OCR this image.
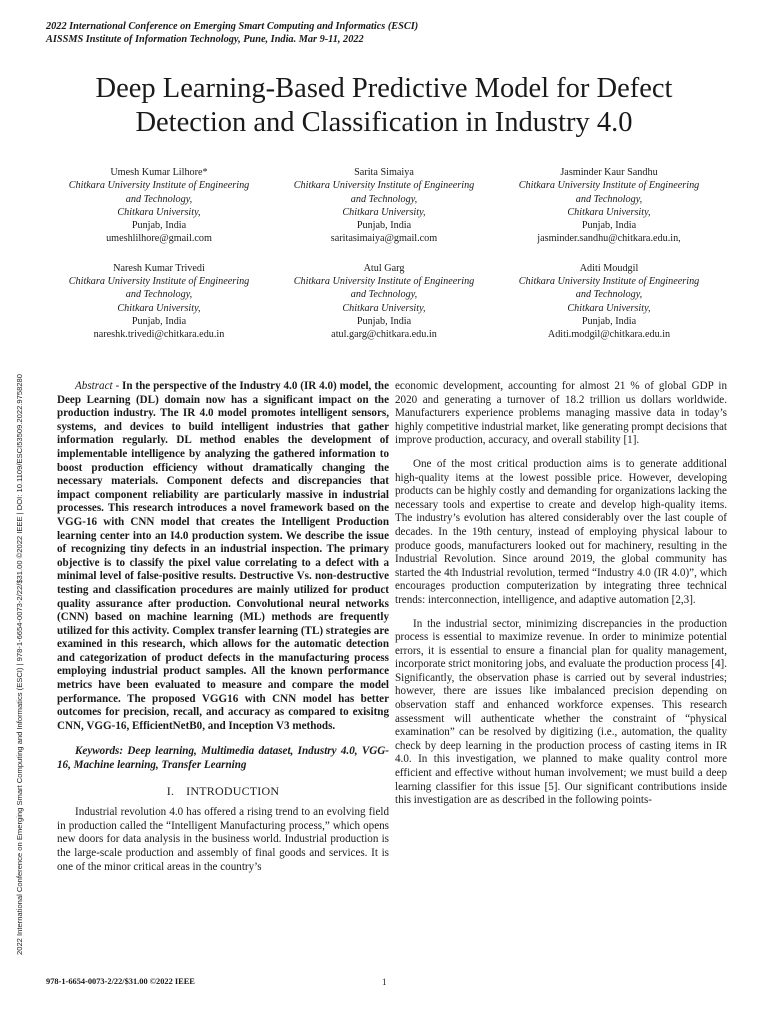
2022 International Conference on Emerging Smart Computing and Informatics (ESCI)
AISSMS Institute of Information Technology, Pune, India. Mar 9-11, 2022
2022 International Conference on Emerging Smart Computing and Informatics (ESCI) | 978-1-6654-0073-2/22/$31.00 ©2022 IEEE | DOI: 10.1109/ESCI53509.2022.9758280
Deep Learning-Based Predictive Model for Defect
Detection and Classification in Industry 4.0
Umesh Kumar Lilhore*
Chitkara University Institute of Engineering
and Technology,
Chitkara University,
Punjab, India
umeshlilhore@gmail.com
Sarita Simaiya
Chitkara University Institute of Engineering
and Technology,
Chitkara University,
Punjab, India
saritasimaiya@gmail.com
Jasminder Kaur Sandhu
Chitkara University Institute of Engineering
and Technology,
Chitkara University,
Punjab, India
jasminder.sandhu@chitkara.edu.in,
Naresh Kumar Trivedi
Chitkara University Institute of Engineering
and Technology,
Chitkara University,
Punjab, India
nareshk.trivedi@chitkara.edu.in
Atul Garg
Chitkara University Institute of Engineering
and Technology,
Chitkara University,
Punjab, India
atul.garg@chitkara.edu.in
Aditi Moudgil
Chitkara University Institute of Engineering
and Technology,
Chitkara University,
Punjab, India
Aditi.modgil@chitkara.edu.in

Abstract - In the perspective of the Industry 4.0 (IR 4.0) model, the Deep Learning (DL) domain now has a significant impact on the production industry. The IR 4.0 model promotes intelligent sensors, systems, and devices to build intelligent industries that gather information regularly. DL method enables the development of implementable intelligence by analyzing the gathered information to boost production efficiency without dramatically changing the necessary materials. Component defects and discrepancies that impact component reliability are particularly massive in industrial processes. This research introduces a novel framework based on the VGG-16 with CNN model that creates the Intelligent Production learning center into an I4.0 production system. We describe the issue of recognizing tiny defects in an industrial inspection. The primary objective is to classify the pixel value correlating to a defect with a minimal level of false-positive results. Destructive Vs. non-destructive testing and classification procedures are mainly utilized for product quality assurance after production. Convolutional neural networks (CNN) based on machine learning (ML) methods are frequently utilized for this activity. Complex transfer learning (TL) strategies are examined in this research, which allows for the automatic detection and categorization of product defects in the manufacturing process employing industrial product samples. All the known performance metrics have been evaluated to measure and compare the model performance. The proposed VGG16 with CNN model has better outcomes for precision, recall, and accuracy as compared to exisitng CNN, VGG-16, EfficientNetB0, and Inception V3 methods.

Keywords: Deep learning, Multimedia dataset, Industry 4.0, VGG-16, Machine learning, Transfer Learning

I. INTRODUCTION

Industrial revolution 4.0 has offered a rising trend to an evolving field in production called the “Intelligent Manufacturing process,” which opens new doors for data analysis in the business world. Industrial production is the large-scale production and assembly of final goods and services. It is one of the minor critical areas in the country’s

economic development, accounting for almost 21 % of global GDP in 2020 and generating a turnover of 18.2 trillion us dollars worldwide. Manufacturers experience problems managing massive data in today’s highly competitive industrial market, like generating prompt decisions that improve production, accuracy, and overall stability [1].

One of the most critical production aims is to generate additional high-quality items at the lowest possible price. However, developing products can be highly costly and demanding for organizations lacking the necessary tools and expertise to create and develop high-quality items. The industry’s evolution has altered considerably over the last couple of decades. In the 19th century, instead of employing physical labour to produce goods, manufacturers looked out for machinery, resulting in the Industrial Revolution. Since around 2019, the global community has started the 4th Industrial revolution, termed “Industry 4.0 (IR 4.0)”, which encourages production computerization by integrating three technical trends: interconnection, intelligence, and adaptive automation [2,3].

In the industrial sector, minimizing discrepancies in the production process is essential to maximize revenue. In order to minimize potential errors, it is essential to ensure a financial plan for quality management, incorporate strict monitoring jobs, and evaluate the production process [4]. Significantly, the observation phase is carried out by several industries; however, there are issues like imbalanced precision depending on observation staff and enhanced workforce expenses. This research assessment will authenticate whether the constraint of “physical examination” can be resolved by digitizing (i.e., automation, the quality check by deep learning in the production process of casting items in IR 4.0. In this investigation, we planned to make quality control more efficient and effective without human involvement; we must build a deep learning classifier for this issue [5]. Our significant contributions inside this investigation are as described in the following points-

978-1-6654-0073-2/22/$31.00 ©2022 IEEE	1
